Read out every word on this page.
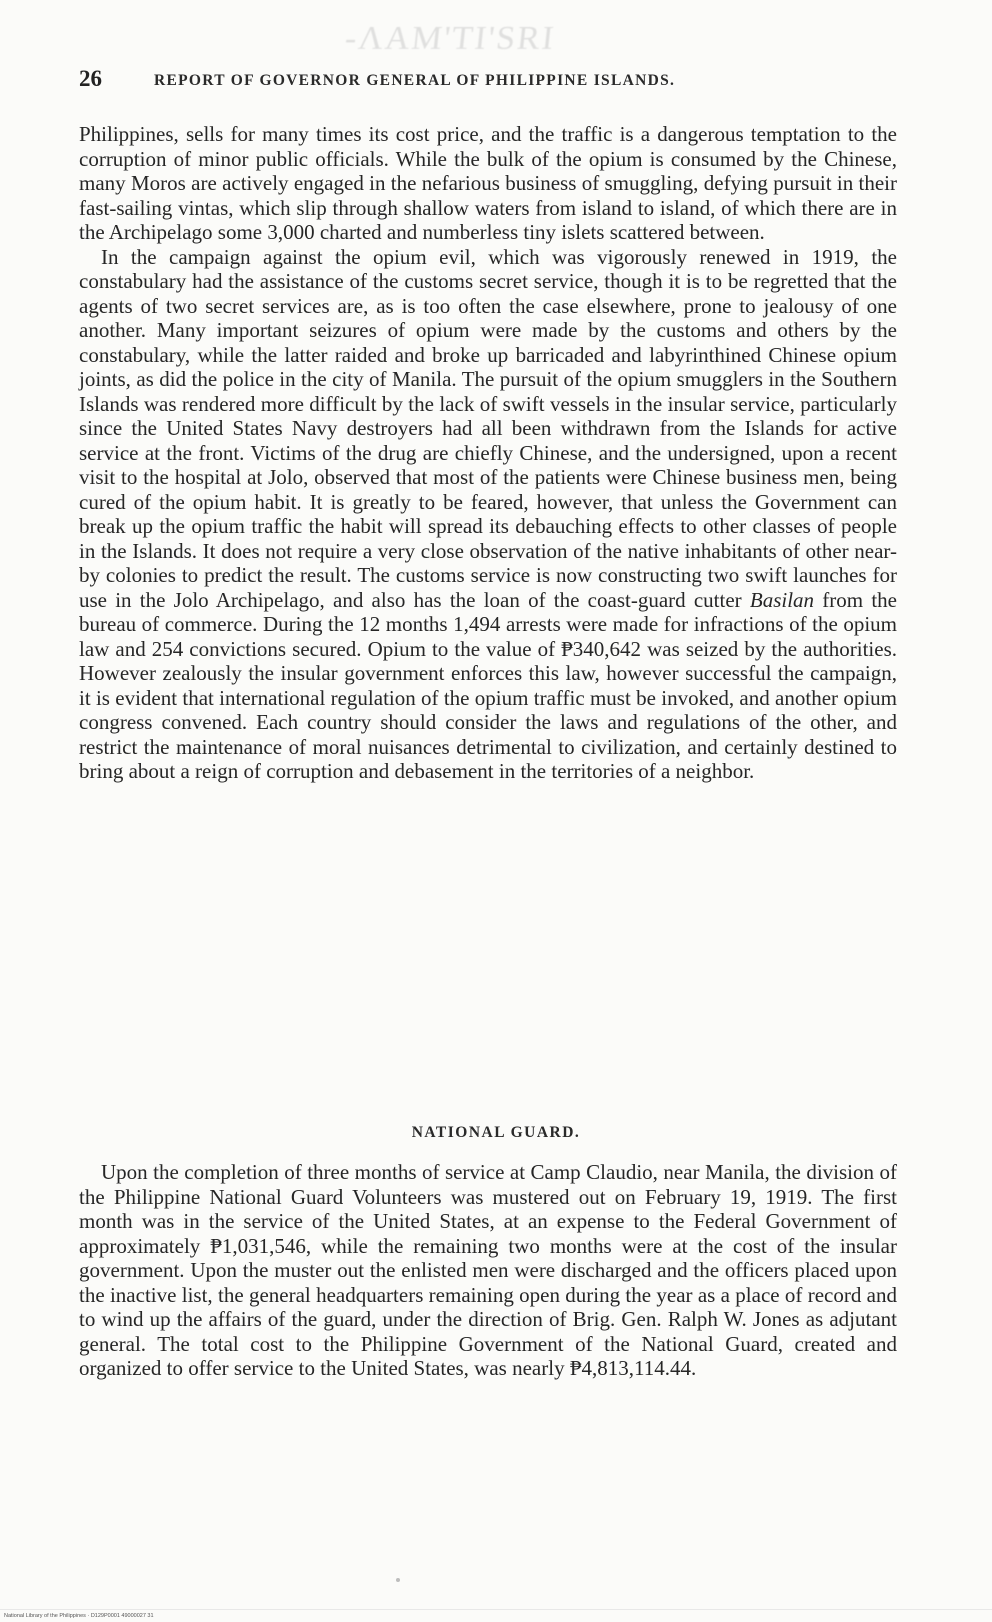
-ɅAM'TI'SRI
26	REPORT OF GOVERNOR GENERAL OF PHILIPPINE ISLANDS.

Philippines, sells for many times its cost price, and the traffic is a dangerous temptation to the corruption of minor public officials. While the bulk of the opium is consumed by the Chinese, many Moros are actively engaged in the nefarious business of smuggling, defying pursuit in their fast-sailing vintas, which slip through shallow waters from island to island, of which there are in the Archipelago some 3,000 charted and numberless tiny islets scattered between.

In the campaign against the opium evil, which was vigorously renewed in 1919, the constabulary had the assistance of the customs secret service, though it is to be regretted that the agents of two secret services are, as is too often the case elsewhere, prone to jealousy of one another. Many important seizures of opium were made by the customs and others by the constabulary, while the latter raided and broke up barricaded and labyrinthined Chinese opium joints, as did the police in the city of Manila. The pursuit of the opium smugglers in the Southern Islands was rendered more difficult by the lack of swift vessels in the insular service, particularly since the United States Navy destroyers had all been withdrawn from the Islands for active service at the front. Victims of the drug are chiefly Chinese, and the undersigned, upon a recent visit to the hospital at Jolo, observed that most of the patients were Chinese business men, being cured of the opium habit. It is greatly to be feared, however, that unless the Government can break up the opium traffic the habit will spread its debauching effects to other classes of people in the Islands. It does not require a very close observation of the native inhabitants of other near-by colonies to predict the result. The customs service is now constructing two swift launches for use in the Jolo Archipelago, and also has the loan of the coast-guard cutter Basilan from the bureau of commerce. During the 12 months 1,494 arrests were made for infractions of the opium law and 254 convictions secured. Opium to the value of ₱340,642 was seized by the authorities. However zealously the insular government enforces this law, however successful the campaign, it is evident that international regulation of the opium traffic must be invoked, and another opium congress convened. Each country should consider the laws and regulations of the other, and restrict the maintenance of moral nuisances detrimental to civilization, and certainly destined to bring about a reign of corruption and debasement in the territories of a neighbor.

NATIONAL GUARD.

Upon the completion of three months of service at Camp Claudio, near Manila, the division of the Philippine National Guard Volunteers was mustered out on February 19, 1919. The first month was in the service of the United States, at an expense to the Federal Government of approximately ₱1,031,546, while the remaining two months were at the cost of the insular government. Upon the muster out the enlisted men were discharged and the officers placed upon the inactive list, the general headquarters remaining open during the year as a place of record and to wind up the affairs of the guard, under the direction of Brig. Gen. Ralph W. Jones as adjutant general. The total cost to the Philippine Government of the National Guard, created and organized to offer service to the United States, was nearly ₱4,813,114.44.

National Library of the Philippines · D129P0001 49000027 31
